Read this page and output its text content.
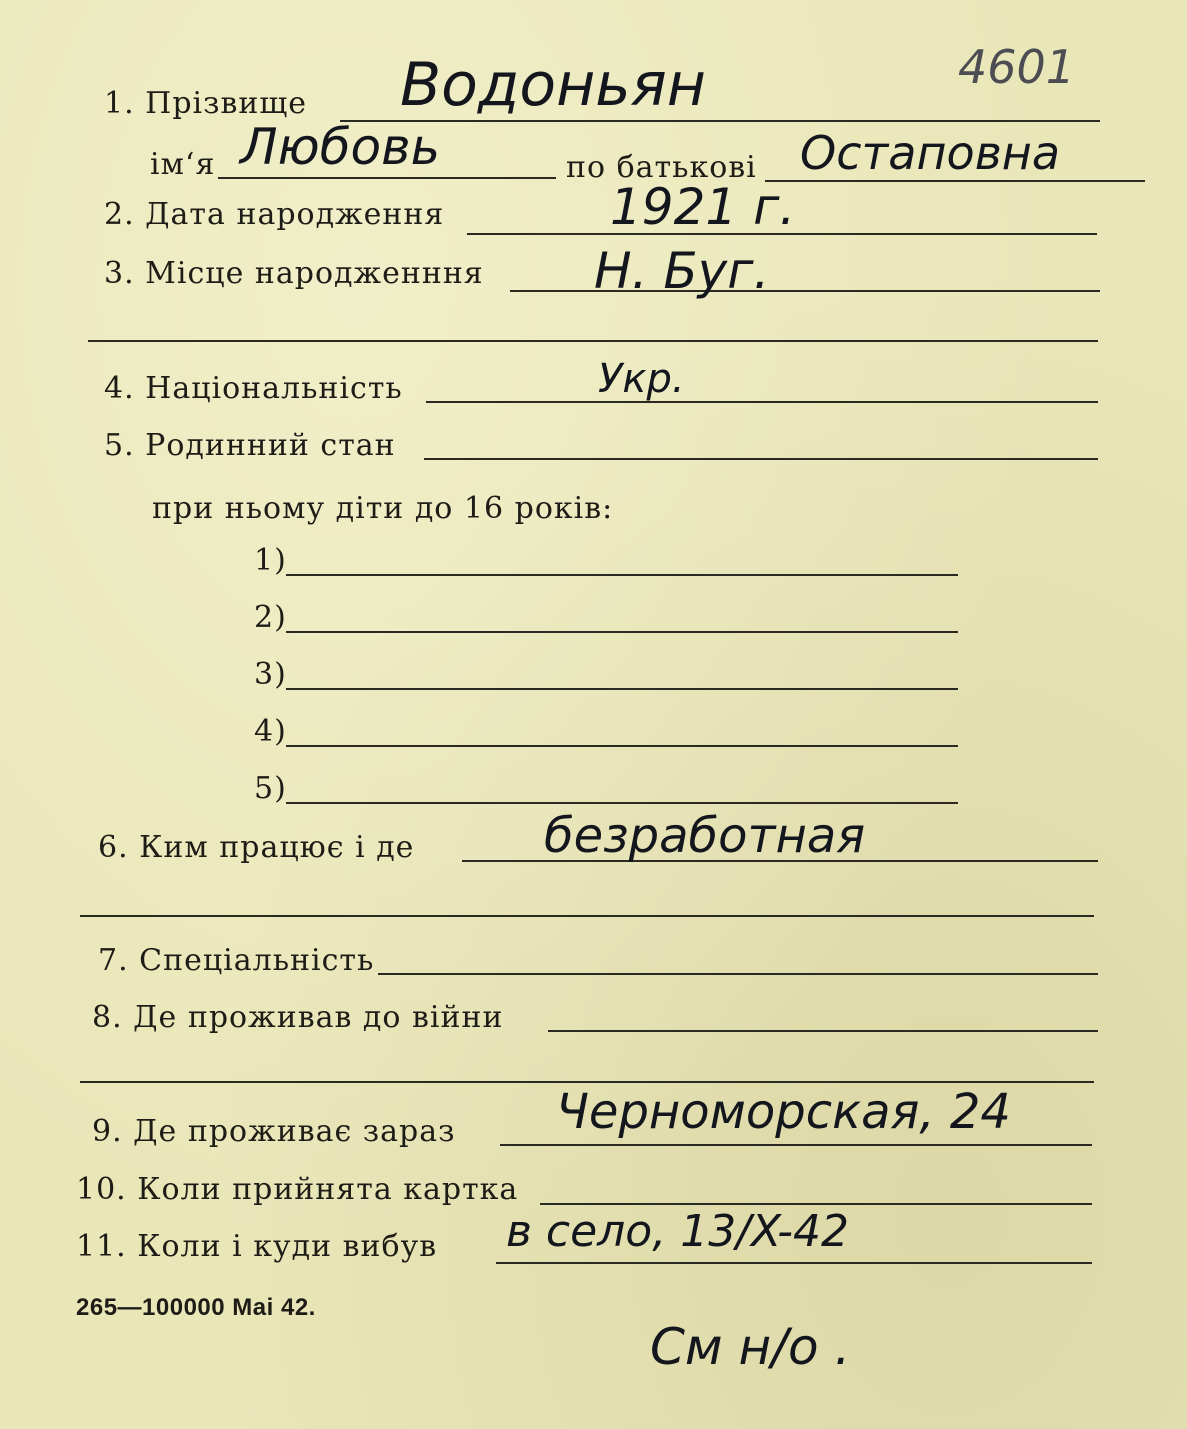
4601
1. Прізвище Водоньян
ім‘я Любовь	по батькові Остаповна
2. Дата народження	1921 г.
3. Місце народженння Н. Буг.
4. Національність	Укр.
5. Родинний стан
при ньому діти до 16 років:
1)
2)
3)
4)
5)
6. Ким працює і де	безработная
7. Спеціальність
8. Де проживав до війни
9. Де проживає зараз Черноморская, 24
10. Коли прийнята картка
11. Коли і куди вибув в село, 13/X-42
265—100000 Mai 42.
См н/о .
